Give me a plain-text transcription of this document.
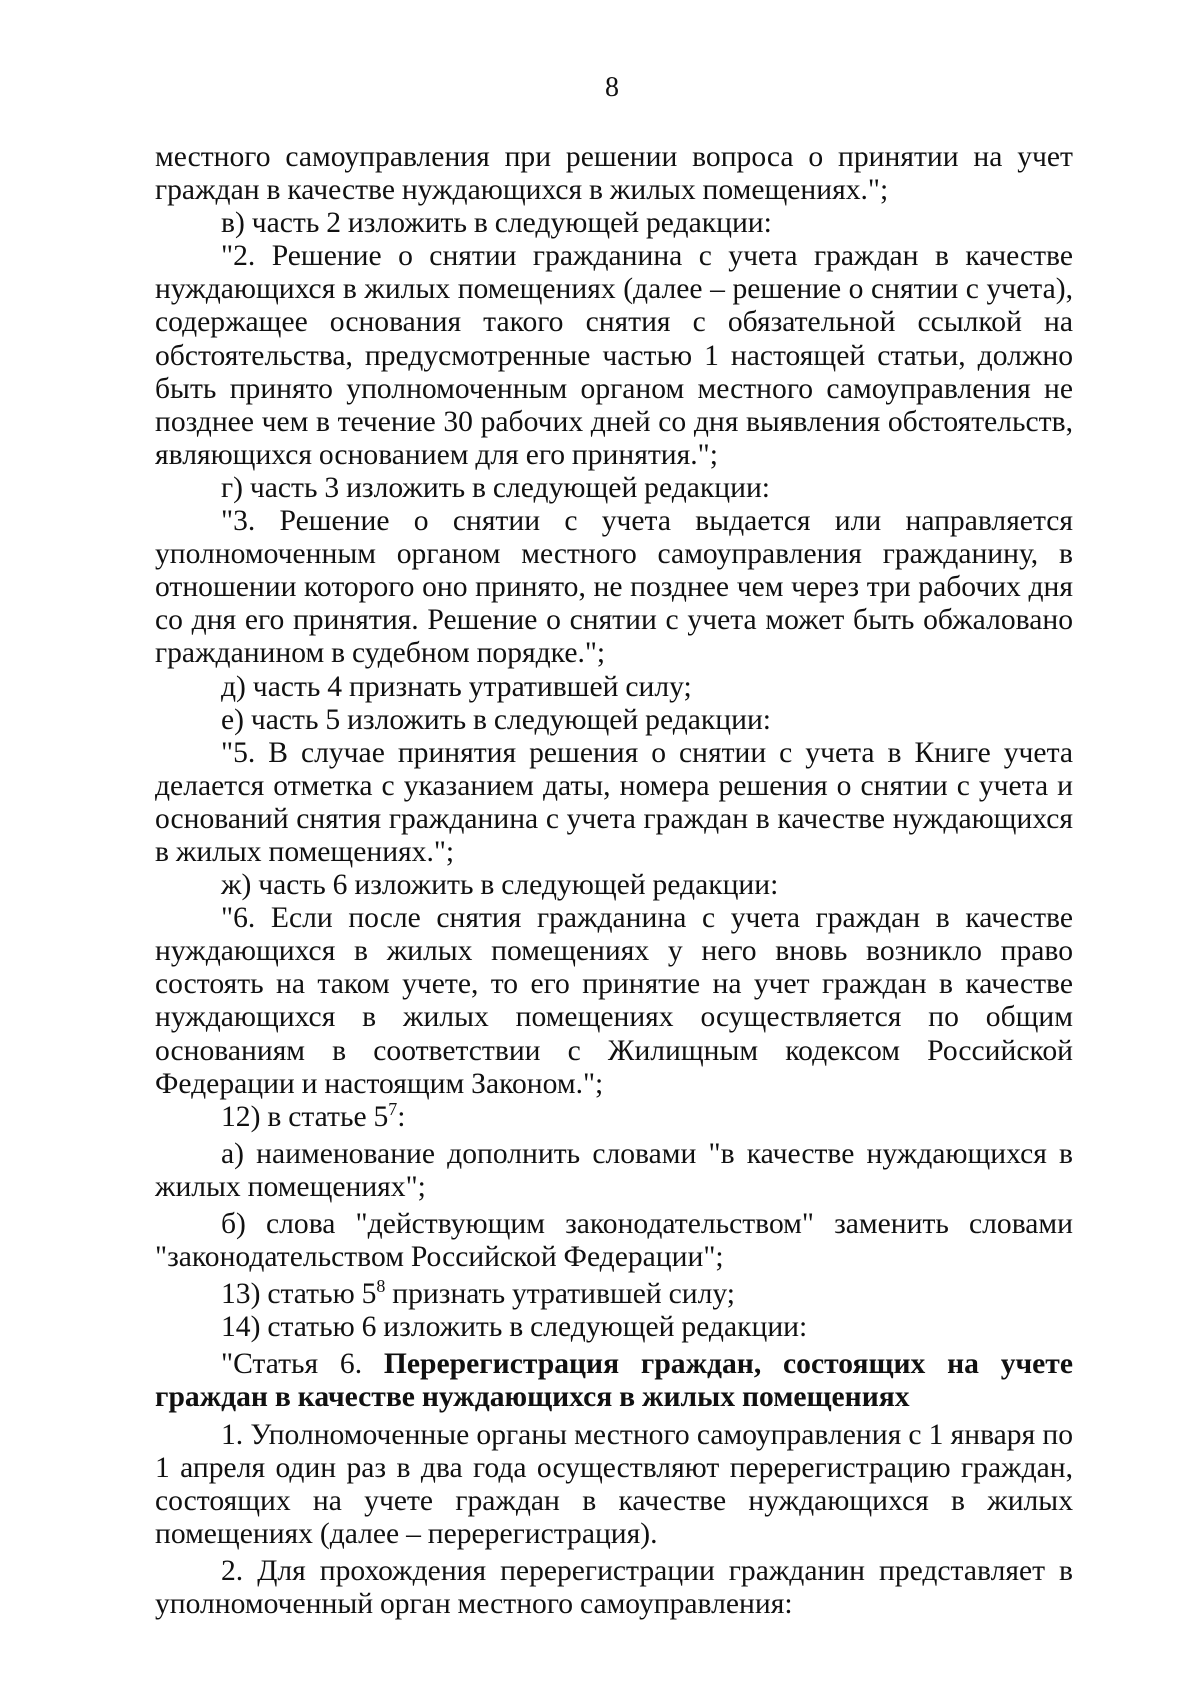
8

местного самоуправления при решении вопроса о принятии на учет граждан в качестве нуждающихся в жилых помещениях.";

в) часть 2 изложить в следующей редакции:

"2. Решение о снятии гражданина с учета граждан в качестве нуждающихся в жилых помещениях (далее – решение о снятии с учета), содержащее основания такого снятия с обязательной ссылкой на обстоятельства, предусмотренные частью 1 настоящей статьи, должно быть принято уполномоченным органом местного самоуправления не позднее чем в течение 30 рабочих дней со дня выявления обстоятельств, являющихся основанием для его принятия.";

г) часть 3 изложить в следующей редакции:

"3. Решение о снятии с учета выдается или направляется уполномоченным органом местного самоуправления гражданину, в отношении которого оно принято, не позднее чем через три рабочих дня со дня его принятия. Решение о снятии с учета может быть обжаловано гражданином в судебном порядке.";

д) часть 4 признать утратившей силу;

е) часть 5 изложить в следующей редакции:

"5. В случае принятия решения о снятии с учета в Книге учета делается отметка с указанием даты, номера решения о снятии с учета и оснований снятия гражданина с учета граждан в качестве нуждающихся в жилых помещениях.";

ж) часть 6 изложить в следующей редакции:

"6. Если после снятия гражданина с учета граждан в качестве нуждающихся в жилых помещениях у него вновь возникло право состоять на таком учете, то его принятие на учет граждан в качестве нуждающихся в жилых помещениях осуществляется по общим основаниям в соответствии с Жилищным кодексом Российской Федерации и настоящим Законом.";

12) в статье $5^7$:

а) наименование дополнить словами "в качестве нуждающихся в жилых помещениях";

б) слова "действующим законодательством" заменить словами "законодательством Российской Федерации";

13) статью $5^8$ признать утратившей силу;

14) статью 6 изложить в следующей редакции:

"Статья 6. Перерегистрация граждан, состоящих на учете граждан в качестве нуждающихся в жилых помещениях

1. Уполномоченные органы местного самоуправления с 1 января по 1 апреля один раз в два года осуществляют перерегистрацию граждан, состоящих на учете граждан в качестве нуждающихся в жилых помещениях (далее – перерегистрация).

2. Для прохождения перерегистрации гражданин представляет в уполномоченный орган местного самоуправления:
